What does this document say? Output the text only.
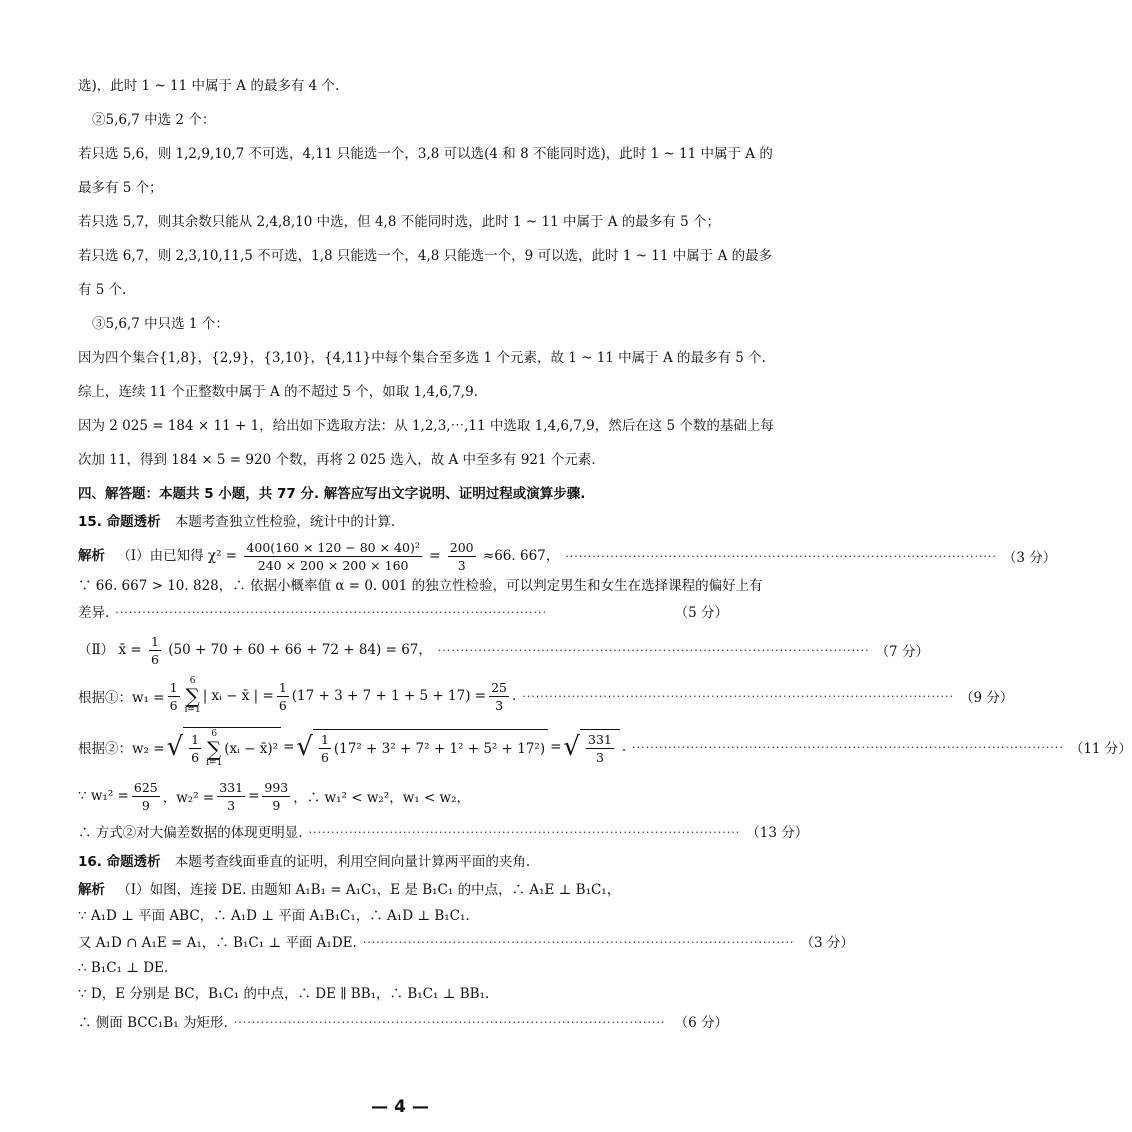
选)，此时 1 ~ 11 中属于 A 的最多有 4 个.
②5,6,7 中选 2 个：
若只选 5,6，则 1,2,9,10,7 不可选，4,11 只能选一个，3,8 可以选(4 和 8 不能同时选)，此时 1 ~ 11 中属于 A 的
最多有 5 个；
若只选 5,7，则其余数只能从 2,4,8,10 中选，但 4,8 不能同时选，此时 1 ~ 11 中属于 A 的最多有 5 个；
若只选 6,7，则 2,3,10,11,5 不可选，1,8 只能选一个，4,8 只能选一个，9 可以选，此时 1 ~ 11 中属于 A 的最多
有 5 个.
③5,6,7 中只选 1 个：
因为四个集合{1,8}，{2,9}，{3,10}，{4,11}中每个集合至多选 1 个元素，故 1 ~ 11 中属于 A 的最多有 5 个.
综上，连续 11 个正整数中属于 A 的不超过 5 个，如取 1,4,6,7,9.
因为 2 025 = 184 × 11 + 1，给出如下选取方法：从 1,2,3,⋯,11 中选取 1,4,6,7,9，然后在这 5 个数的基础上每
次加 11，得到 184 × 5 = 920 个数，再将 2 025 选入，故 A 中至多有 921 个元素.
四、解答题：本题共 5 小题，共 77 分. 解答应写出文字说明、证明过程或演算步骤.
15. 命题透析 本题考查独立性检验，统计中的计算.
解析 （Ⅰ）由已知得 $\chi^2 = \frac{\text{400(160 × 120 − 80 × 40)²}}{240 \times 200 \times 200 \times 160} = \frac{200}{3} \approx 66$. 667， ································································································ （3 分）
∵ 66. 667 > 10. 828，∴ 依据小概率值 α = 0. 001 的独立性检验，可以判定男生和女生在选择课程的偏好上有
差异. ································································································	（5 分）
（Ⅱ） x̄ = $\frac{1}{6} (50 + 70 + 60 + 66 + 72 + 84) = 67$， ································································································ （7 分）
根据①：$w_1 = \frac{1}{6} 6$
∑
i=1
| xᵢ − x̄ | = $\frac{1}{6} (17 + 3 + 7 + 1 + 5 + 17) = \frac{25}{3}$ . ································································································ （9 分）
根据②：w₂ = √ $\frac{1}{6} 6$
∑
i=1
(xᵢ − x̄)² = √ $\frac{1}{6} (17^2 + 3^2 + 7^2 + 1^2 + 5^2 + 17^2)$ = √ $\frac{331}{3}$ . ································································································ （11 分）
∵ $w_1^2 = \frac{625}{9}$ ，$w_2^2 = \frac{331}{3} = \frac{993}{9}$ ，∴ w₁² < w₂²，w₁ < w₂，
∴ 方式②对大偏差数据的体现更明显. ································································································ （13 分）
16. 命题透析 本题考查线面垂直的证明，利用空间向量计算两平面的夹角.
解析 （Ⅰ）如图，连接 DE. 由题知 A₁B₁ = A₁C₁，E 是 B₁C₁ 的中点，∴ A₁E ⊥ B₁C₁，
∵ A₁D ⊥ 平面 ABC，∴ A₁D ⊥ 平面 A₁B₁C₁，∴ A₁D ⊥ B₁C₁.
又 A₁D ∩ A₁E = A₁，∴ B₁C₁ ⊥ 平面 A₁DE. ································································································ （3 分）
∴ B₁C₁ ⊥ DE.
∵ D，E 分别是 BC，B₁C₁ 的中点，∴ DE ∥ BB₁，∴ B₁C₁ ⊥ BB₁.
∴ 侧面 BCC₁B₁ 为矩形. ································································································ （6 分）
— 4 —
